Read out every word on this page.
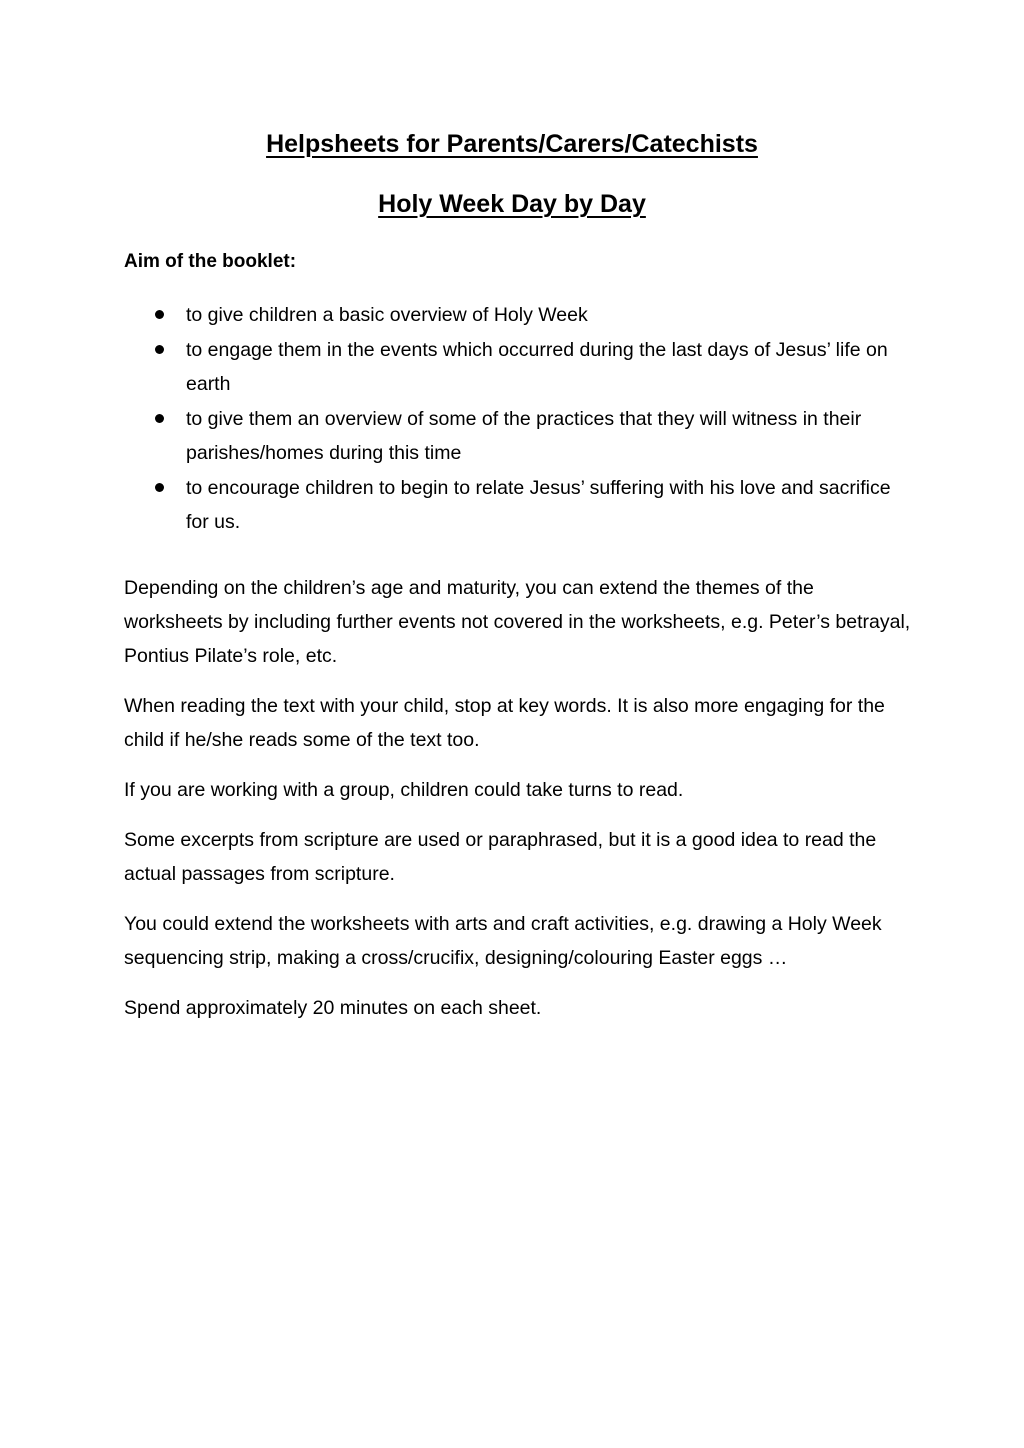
Helpsheets for Parents/Carers/Catechists
Holy Week Day by Day

Aim of the booklet:

to give children a basic overview of Holy Week
to engage them in the events which occurred during the last days of Jesus’ life on earth
to give them an overview of some of the practices that they will witness in their parishes/homes during this time
to encourage children to begin to relate Jesus’ suffering with his love and sacrifice for us.

Depending on the children’s age and maturity, you can extend the themes of the worksheets by including further events not covered in the worksheets, e.g. Peter’s betrayal, Pontius Pilate’s role, etc.

When reading the text with your child, stop at key words. It is also more engaging for the child if he/she reads some of the text too.

If you are working with a group, children could take turns to read.

Some excerpts from scripture are used or paraphrased, but it is a good idea to read the actual passages from scripture.

You could extend the worksheets with arts and craft activities, e.g. drawing a Holy Week sequencing strip, making a cross/crucifix, designing/colouring Easter eggs …

Spend approximately 20 minutes on each sheet.
